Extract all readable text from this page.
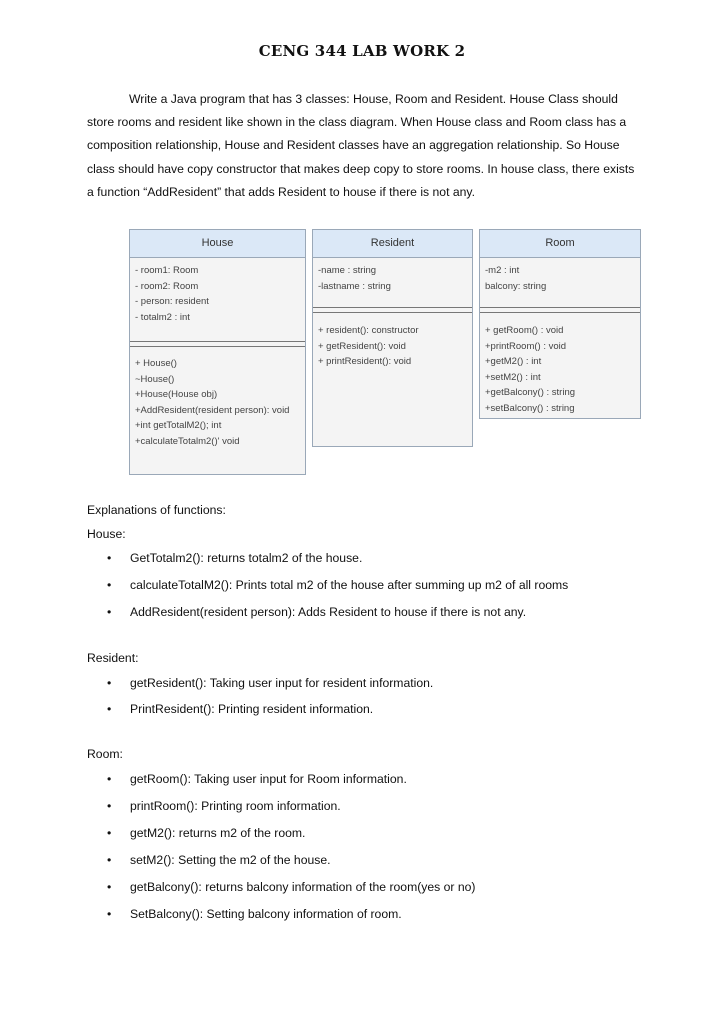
CENG 344 LAB WORK 2

Write a Java program that has 3 classes: House, Room and Resident. House Class should store rooms and resident like shown in the class diagram. When House class and Room class has a composition relationship, House and Resident classes have an aggregation relationship. So House class should have copy constructor that makes deep copy to store rooms. In house class, there exists a function “AddResident” that adds Resident to house if there is not any.

House
- room1: Room
- room2: Room
- person: resident
- totalm2 : int
+ House()
~House()
+House(House obj)
+AddResident(resident person): void
+int getTotalM2(); int
+calculateTotalm2()' void
Resident
-name : string
-lastname : string
+ resident(): constructor
+ getResident(): void
+ printResident(): void
Room
-m2 : int
balcony: string
+ getRoom() : void
+printRoom() : void
+getM2() : int
+setM2() : int
+getBalcony() : string
+setBalcony() : string
Explanations of functions:
House:
• GetTotalm2(): returns totalm2 of the house.
• calculateTotalM2(): Prints total m2 of the house after summing up m2 of all rooms
• AddResident(resident person): Adds Resident to house if there is not any.
Resident:
• getResident(): Taking user input for resident information.
• PrintResident(): Printing resident information.
Room:
• getRoom(): Taking user input for Room information.
• printRoom(): Printing room information.
• getM2(): returns m2 of the room.
• setM2(): Setting the m2 of the house.
• getBalcony(): returns balcony information of the room(yes or no)
• SetBalcony(): Setting balcony information of room.
